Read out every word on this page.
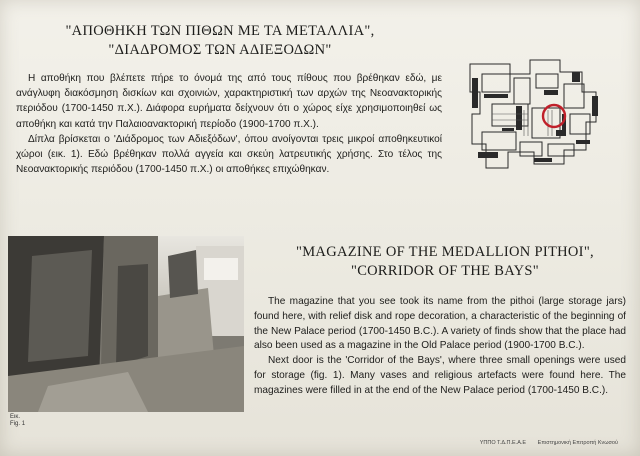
"ΑΠΟΘΗΚΗ ΤΩΝ ΠΙΘΩΝ ΜΕ ΤΑ ΜΕΤΑΛΛΙΑ",
"ΔΙΑΔΡΟΜΟΣ ΤΩΝ ΑΔΙΕΞΟΔΩΝ"

Η αποθήκη που βλέπετε πήρε το όνομά της από τους πίθους που βρέθηκαν εδώ, με ανάγλυφη διακόσμηση δισκίων και σχοινιών, χαρακτηριστική των αρχών της Νεοανακτορικής περιόδου (1700-1450 π.Χ.). Διάφορα ευρήματα δείχνουν ότι ο χώρος είχε χρησιμοποιηθεί ως αποθήκη και κατά την Παλαιοανακτορική περίοδο (1900-1700 π.Χ.).

Δίπλα βρίσκεται ο 'Διάδρομος των Αδιεξόδων', όπου ανοίγονται τρεις μικροί αποθηκευτικοί χώροι (εικ. 1). Εδώ βρέθηκαν πολλά αγγεία και σκεύη λατρευτικής χρήσης. Στο τέλος της Νεοανακτορικής περιόδου (1700-1450 π.Χ.) οι αποθήκες επιχώθηκαν.

Εικ.
Fig. 1
"MAGAZINE OF THE MEDALLION PITHOI",
"CORRIDOR OF THE BAYS"

The magazine that you see took its name from the pithoi (large storage jars) found here, with relief disk and rope decoration, a characteristic of the beginning of the New Palace period (1700-1450 B.C.). A variety of finds show that the place had also been used as a magazine in the Old Palace period (1900-1700 B.C.).

Next door is the 'Corridor of the Bays', where three small openings were used for storage (fig. 1). Many vases and religious artefacts were found here. The magazines were filled in at the end of the New Palace period (1700-1450 B.C.).

ΥΠΠΟ Τ.Δ.Π.Ε.Α.Ε Επιστημονική Επιτροπή Κνωσού
